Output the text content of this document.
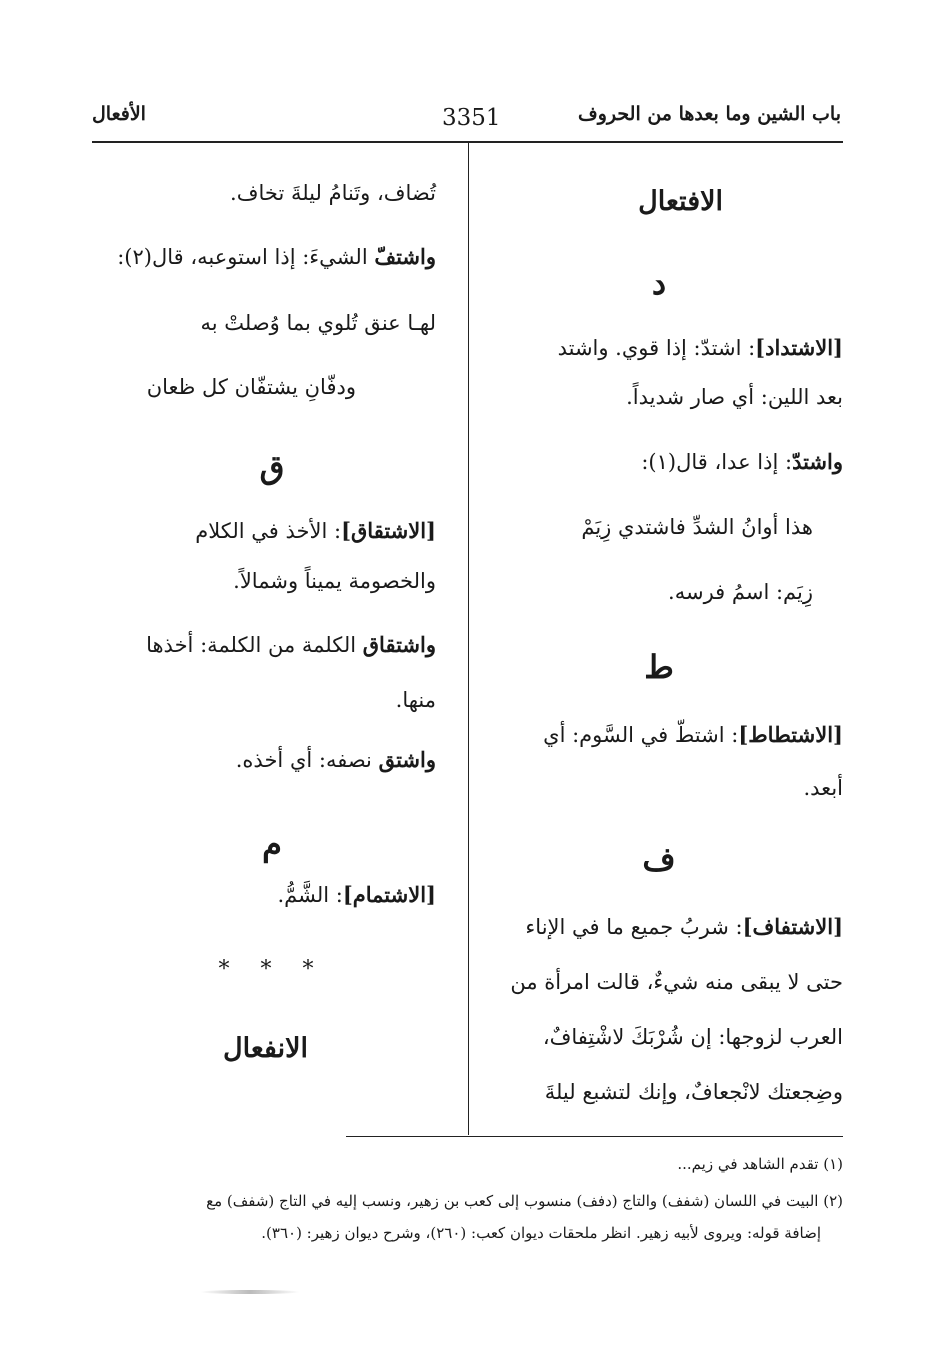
باب الشين وما بعدها من الحروف
3351
الأفعال
الافتعال
د
[الاشتداد]: اشتدّ: إذا قوي. واشتد
بعد اللين: أي صار شديداً.
واشتدّ: إذا عدا، قال(١):
هذا أوانُ الشدِّ فاشتدي زِيَمْ
زِيَم: اسمُ فرسه.
ط
[الاشتطاط]: اشتطّ في السَّوم: أي
أبعد.
ف
[الاشتفاف]: شربُ جميع ما في الإناء
حتى لا يبقى منه شيءٌ، قالت امرأة من
العرب لزوجها: إن شُرْبَكَ لاشْتِفافٌ،
وضِجعتك لانْجعافٌ، وإنك لتشبع ليلةَ
تُضاف، وتَنامُ ليلةَ تخاف.
واشتفّ الشيءَ: إذا استوعبه، قال(٢):
لهـا عنق تُلوي بما وُصلتْ به
ودفّانِ يشتفّان كل ظعان
ق
[الاشتقاق]: الأخذ في الكلام
والخصومة يميناً وشمالاً.
واشتقاق الكلمة من الكلمة: أخذها
منها.
واشتق نصفه: أي أخذه.
م
[الاشتمام]: الشَّمُّ.
* * *
الانفعال
(١) تقدم الشاهد في زيم...
(٢) البيت في اللسان (شفف) والتاج (دفف) منسوب إلى كعب بن زهير، ونسب إليه في التاج (شفف) مع
إضافة قوله: ويروى لأبيه زهير. انظر ملحقات ديوان كعب: (٢٦٠)، وشرح ديوان زهير: (٣٦٠).
